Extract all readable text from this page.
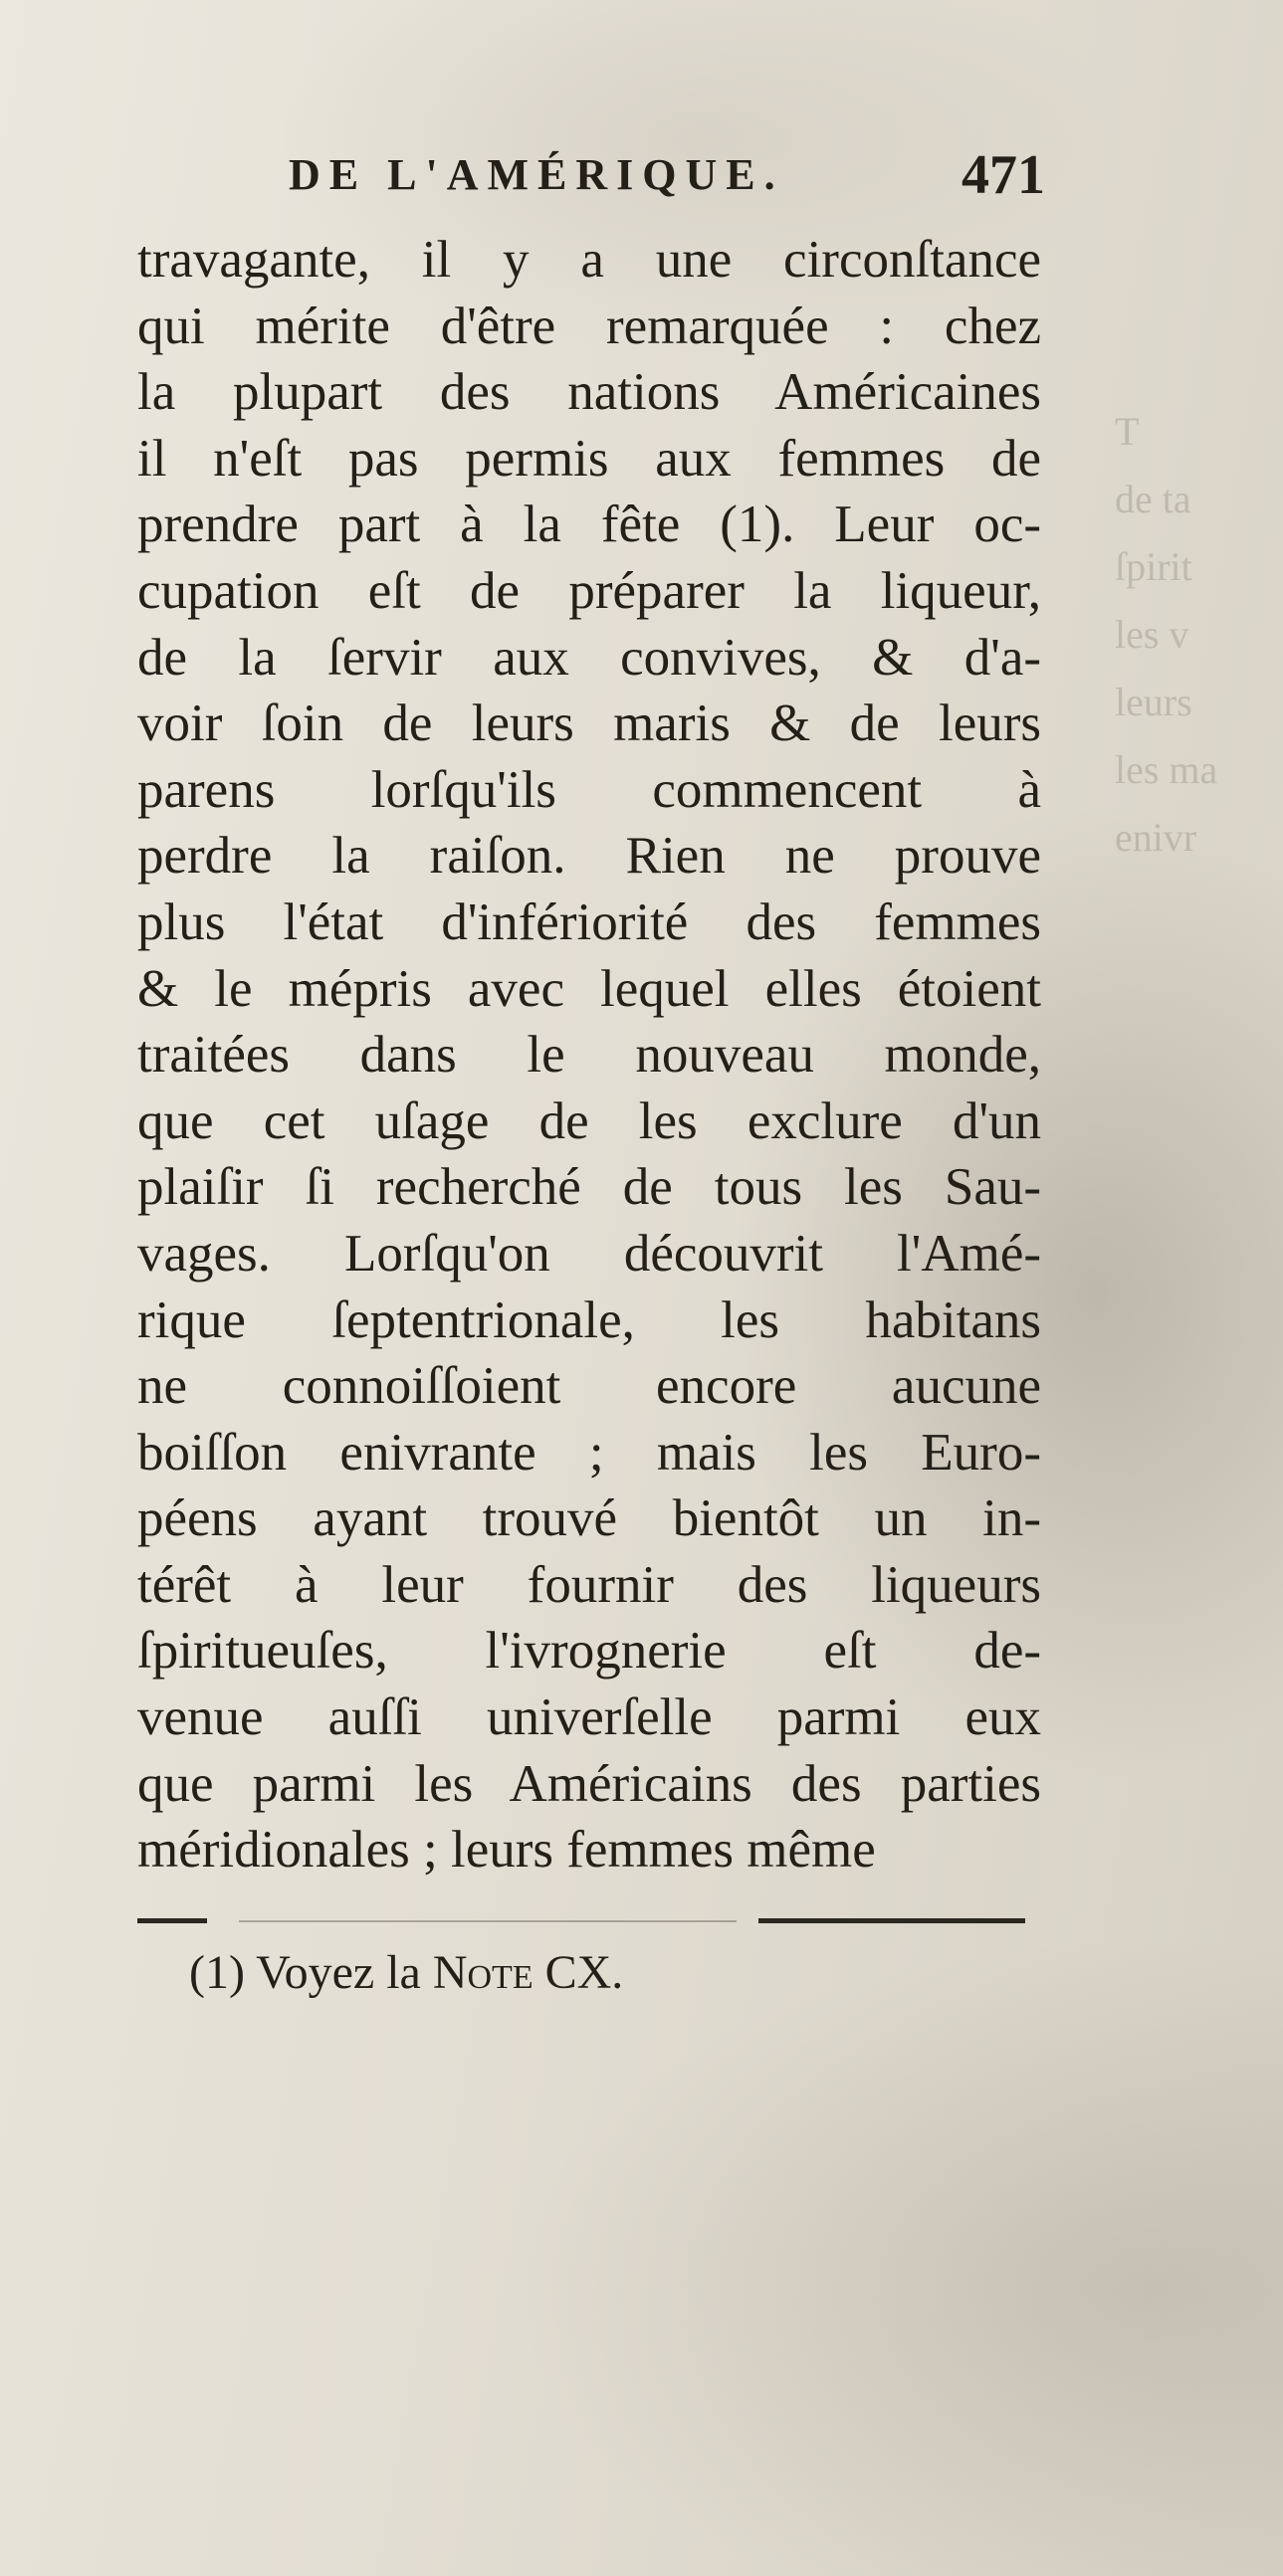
T
de ta
ſpirit
les v
leurs
les ma
enivr
DE L'AMÉRIQUE.	471
travagante, il y a une circonſtance
qui mérite d'être remarquée : chez
la plupart des nations Américaines
il n'eſt pas permis aux femmes de
prendre part à la fête (1). Leur oc-
cupation eſt de préparer la liqueur,
de la ſervir aux convives, & d'a-
voir ſoin de leurs maris & de leurs
parens lorſqu'ils commencent à
perdre la raiſon. Rien ne prouve
plus l'état d'infériorité des femmes
& le mépris avec lequel elles étoient
traitées dans le nouveau monde,
que cet uſage de les exclure d'un
plaiſir ſi recherché de tous les Sau-
vages. Lorſqu'on découvrit l'Amé-
rique ſeptentrionale, les habitans
ne connoiſſoient encore aucune
boiſſon enivrante ; mais les Euro-
péens ayant trouvé bientôt un in-
térêt à leur fournir des liqueurs
ſpiritueuſes, l'ivrognerie eſt de-
venue auſſi univerſelle parmi eux
que parmi les Américains des parties
méridionales ; leurs femmes même
(1) Voyez la Note CX.
